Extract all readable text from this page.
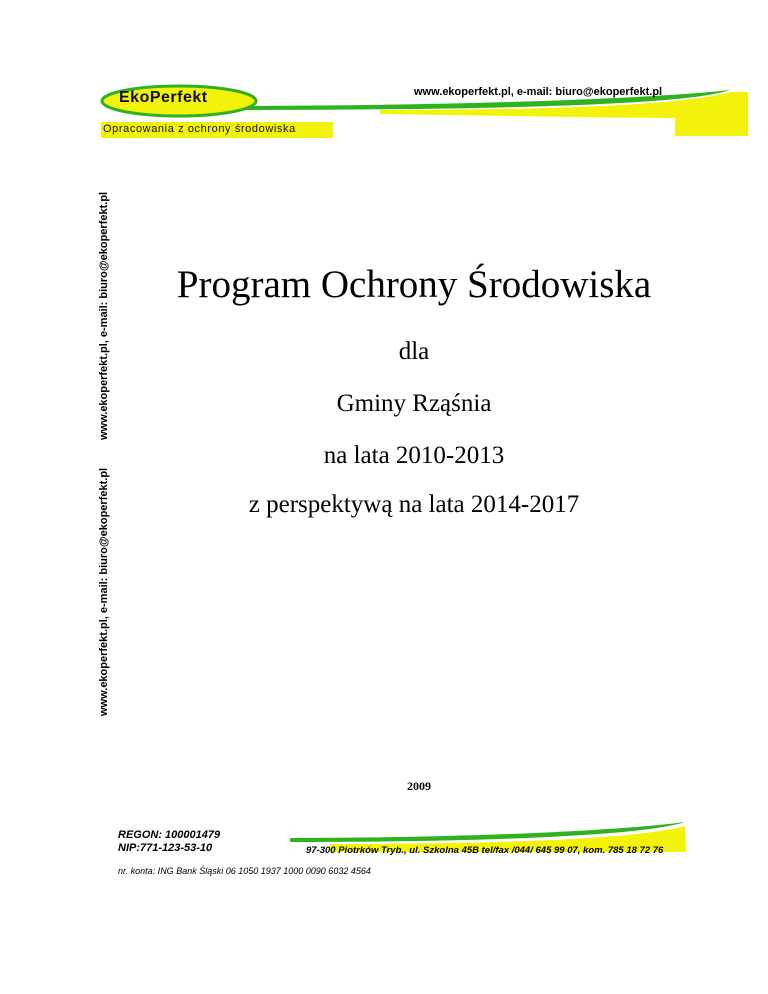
www.ekoperfekt.pl, e-mail: biuro@ekoperfekt.pl
EkoPerfekt
Opracowania z ochrony środowiska
www.ekoperfekt.pl, e-mail: biuro@ekoperfekt.pl
www.ekoperfekt.pl, e-mail: biuro@ekoperfekt.pl
Program Ochrony Środowiska
dla
Gminy Rząśnia
na lata 2010-2013
z perspektywą na lata 2014-2017
2009
REGON: 100001479
NIP:771-123-53-10	97-300 Piotrków Tryb., ul. Szkolna 45B tel/fax /044/ 645 99 07, kom. 785 18 72 76
nr. konta: ING Bank Śląski 06 1050 1937 1000 0090 6032 4564
